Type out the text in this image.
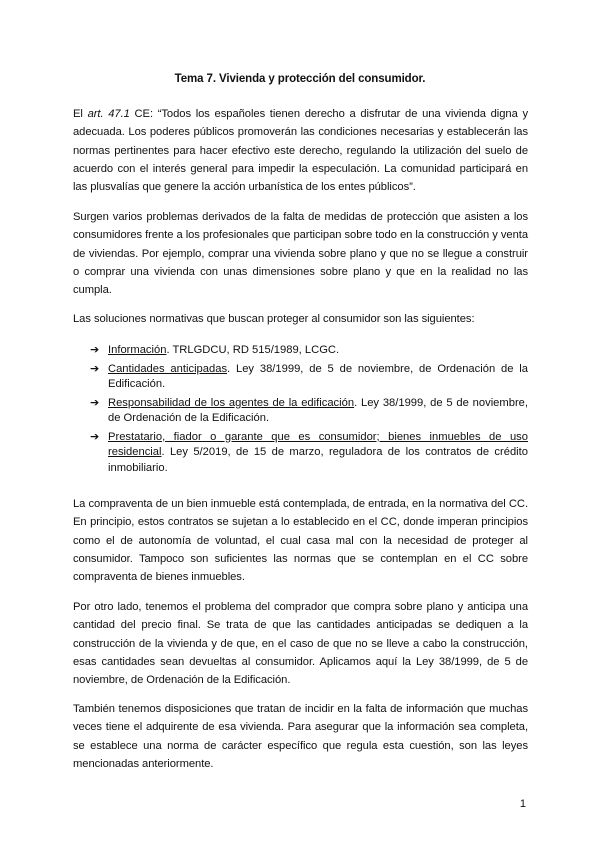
Tema 7. Vivienda y protección del consumidor.

El art. 47.1 CE: “Todos los españoles tienen derecho a disfrutar de una vivienda digna y adecuada. Los poderes públicos promoverán las condiciones necesarias y establecerán las normas pertinentes para hacer efectivo este derecho, regulando la utilización del suelo de acuerdo con el interés general para impedir la especulación. La comunidad participará en las plusvalías que genere la acción urbanística de los entes públicos”.

Surgen varios problemas derivados de la falta de medidas de protección que asisten a los consumidores frente a los profesionales que participan sobre todo en la construcción y venta de viviendas. Por ejemplo, comprar una vivienda sobre plano y que no se llegue a construir o comprar una vivienda con unas dimensiones sobre plano y que en la realidad no las cumpla.

Las soluciones normativas que buscan proteger al consumidor son las siguientes:

➔ Información. TRLGDCU, RD 515/1989, LCGC.
➔ Cantidades anticipadas. Ley 38/1999, de 5 de noviembre, de Ordenación de la Edificación.
➔ Responsabilidad de los agentes de la edificación. Ley 38/1999, de 5 de noviembre, de Ordenación de la Edificación.
➔ Prestatario, fiador o garante que es consumidor; bienes inmuebles de uso residencial. Ley 5/2019, de 15 de marzo, reguladora de los contratos de crédito inmobiliario.

La compraventa de un bien inmueble está contemplada, de entrada, en la normativa del CC. En principio, estos contratos se sujetan a lo establecido en el CC, donde imperan principios como el de autonomía de voluntad, el cual casa mal con la necesidad de proteger al consumidor. Tampoco son suficientes las normas que se contemplan en el CC sobre compraventa de bienes inmuebles.

Por otro lado, tenemos el problema del comprador que compra sobre plano y anticipa una cantidad del precio final. Se trata de que las cantidades anticipadas se dediquen a la construcción de la vivienda y de que, en el caso de que no se lleve a cabo la construcción, esas cantidades sean devueltas al consumidor. Aplicamos aquí la Ley 38/1999, de 5 de noviembre, de Ordenación de la Edificación.

También tenemos disposiciones que tratan de incidir en la falta de información que muchas veces tiene el adquirente de esa vivienda. Para asegurar que la información sea completa, se establece una norma de carácter específico que regula esta cuestión, son las leyes mencionadas anteriormente.

1
